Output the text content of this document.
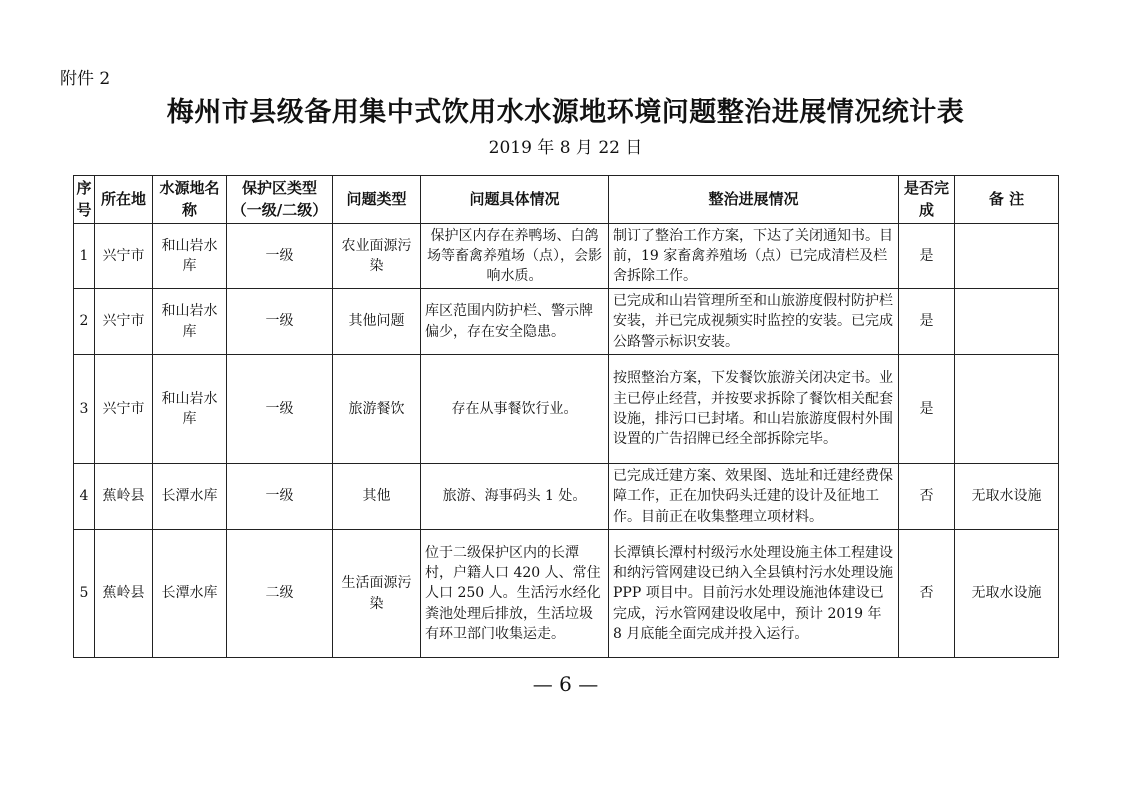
附件 2
梅州市县级备用集中式饮用水水源地环境问题整治进展情况统计表
2019 年 8 月 22 日
序号	所在地	水源地名称	保护区类型（一级/二级）	问题类型	问题具体情况	整治进展情况	是否完成	备 注
1	兴宁市	和山岩水库	一级	农业面源污染	保护区内存在养鸭场、白鸽场等畜禽养殖场（点），会影响水质。	制订了整治工作方案，下达了关闭通知书。目前，19 家畜禽养殖场（点）已完成清栏及栏舍拆除工作。	是	
2	兴宁市	和山岩水库	一级	其他问题	库区范围内防护栏、警示牌偏少，存在安全隐患。	已完成和山岩管理所至和山旅游度假村防护栏安装，并已完成视频实时监控的安装。已完成公路警示标识安装。	是	
3	兴宁市	和山岩水库	一级	旅游餐饮	存在从事餐饮行业。	按照整治方案，下发餐饮旅游关闭决定书。业主已停止经营，并按要求拆除了餐饮相关配套设施，排污口已封堵。和山岩旅游度假村外围设置的广告招牌已经全部拆除完毕。	是	
4	蕉岭县	长潭水库	一级	其他	旅游、海事码头 1 处。	已完成迁建方案、效果图、选址和迁建经费保障工作，正在加快码头迁建的设计及征地工作。目前正在收集整理立项材料。	否	无取水设施
5	蕉岭县	长潭水库	二级	生活面源污染	位于二级保护区内的长潭村，户籍人口 420 人、常住人口 250 人。生活污水经化粪池处理后排放，生活垃圾有环卫部门收集运走。	长潭镇长潭村村级污水处理设施主体工程建设和纳污管网建设已纳入全县镇村污水处理设施 PPP 项目中。目前污水处理设施池体建设已完成，污水管网建设收尾中，预计 2019 年 8 月底能全面完成并投入运行。	否	无取水设施
— 6 —
